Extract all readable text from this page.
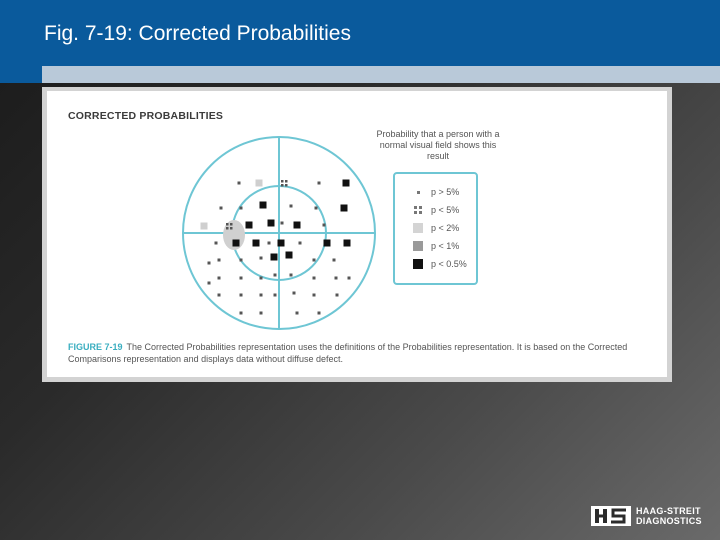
Fig. 7-19: Corrected Probabilities
CORRECTED PROBABILITIES
Probability that a person with a normal visual field shows this result
p > 5%
p < 5%
p < 2%
p < 1%
p < 0.5%
FIGURE 7-19 The Corrected Probabilities representation uses the definitions of the Probabilities representation. It is based on the Corrected Comparisons representation and displays data without diffuse defect.
HAAG-STREIT
DIAGNOSTICS
